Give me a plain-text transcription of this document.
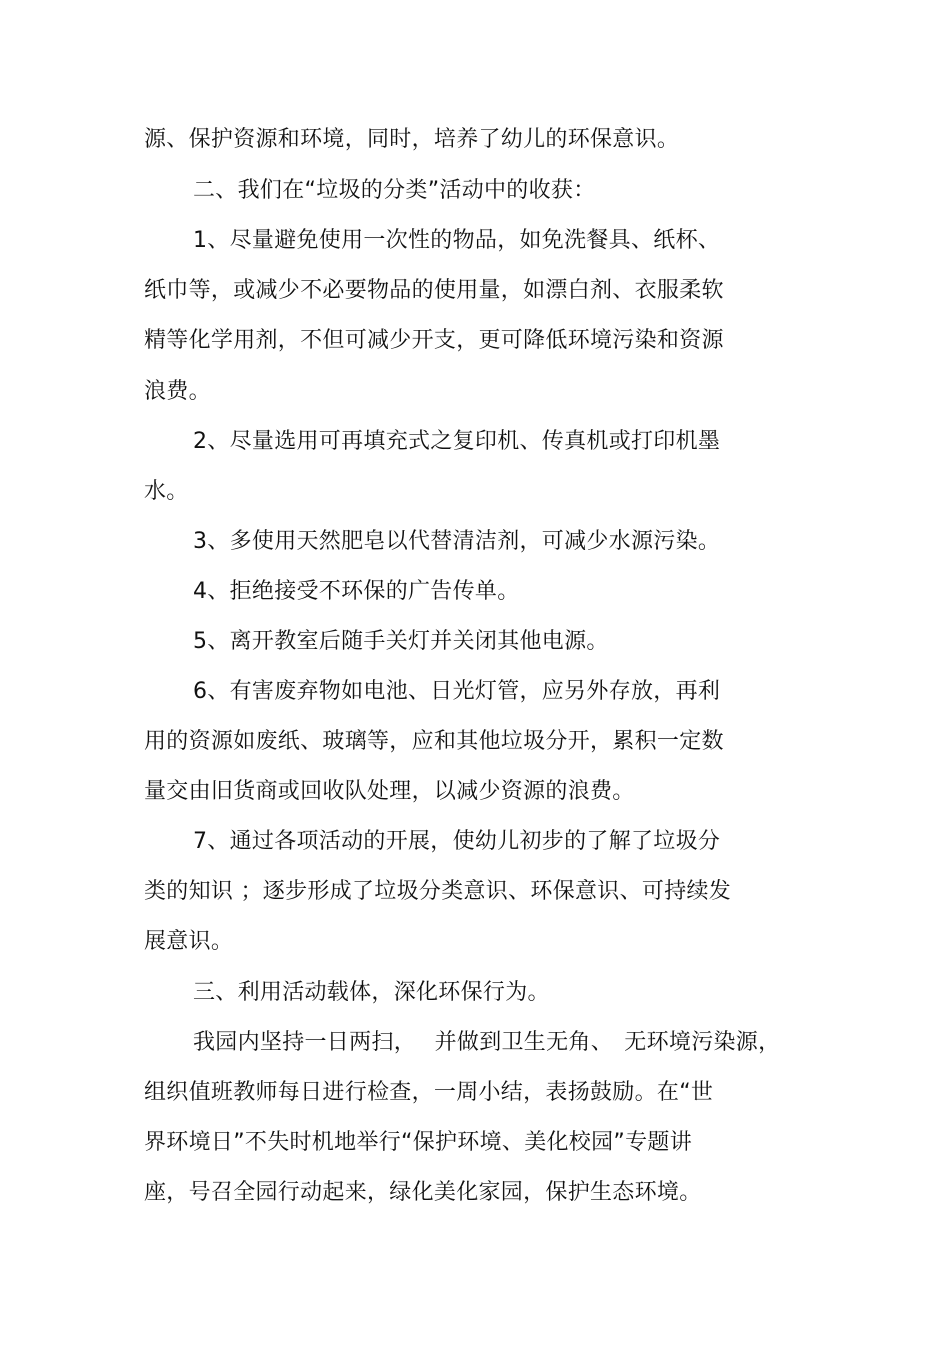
源、保护资源和环境，同时，培养了幼儿的环保意识。
二、我们在“垃圾的分类”活动中的收获：
1、尽量避免使用一次性的物品，如免洗餐具、纸杯、
纸巾等，或减少不必要物品的使用量，如漂白剂、衣服柔软
精等化学用剂，不但可减少开支，更可降低环境污染和资源
浪费。
2、尽量选用可再填充式之复印机、传真机或打印机墨
水。
3、多使用天然肥皂以代替清洁剂，可减少水源污染。
4、拒绝接受不环保的广告传单。
5、离开教室后随手关灯并关闭其他电源。
6、有害废弃物如电池、日光灯管，应另外存放，再利
用的资源如废纸、玻璃等，应和其他垃圾分开，累积一定数
量交由旧货商或回收队处理，以减少资源的浪费。
7、通过各项活动的开展，使幼儿初步的了解了垃圾分
类的知识 ；逐步形成了垃圾分类意识、环保意识、可持续发
展意识。
三、利用活动载体，深化环保行为。
我园内坚持一日两扫，　 并做到卫生无角、　无环境污染源，
组织值班教师每日进行检查，一周小结，表扬鼓励。在“世
界环境日”不失时机地举行“保护环境、美化校园”专题讲
座，号召全园行动起来，绿化美化家园，保护生态环境。
